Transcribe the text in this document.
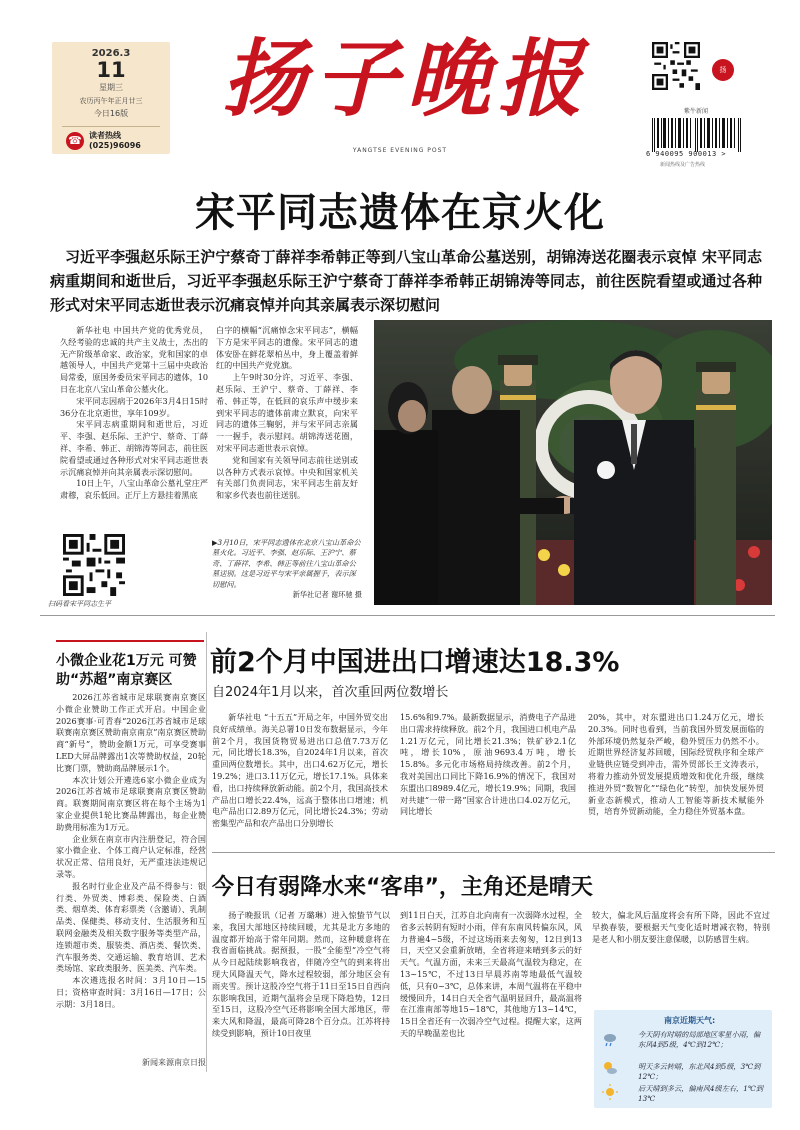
2026.3
11
星期三
农历丙午年正月廿三
今日16版
☎ 读者热线
(025)96096
扬子晚报
YANGTSE EVENING POST
扬
紫牛新闻
6 940095 900013 >
新闻热线及广告热线
宋平同志遗体在京火化
习近平李强赵乐际王沪宁蔡奇丁薛祥李希韩正等到八宝山革命公墓送别，胡锦涛送花圈表示哀悼 宋平同志病重期间和逝世后，习近平李强赵乐际王沪宁蔡奇丁薛祥李希韩正胡锦涛等同志，前往医院看望或通过各种形式对宋平同志逝世表示沉痛哀悼并向其亲属表示深切慰问

新华社电 中国共产党的优秀党员，久经考验的忠诚的共产主义战士，杰出的无产阶级革命家、政治家，党和国家的卓越领导人，中国共产党第十三届中央政治局常委，原国务委员宋平同志的遗体，10日在北京八宝山革命公墓火化。

宋平同志因病于2026年3月4日15时36分在北京逝世，享年109岁。

宋平同志病重期间和逝世后，习近平、李强、赵乐际、王沪宁、蔡奇、丁薛祥、李希、韩正、胡锦涛等同志，前往医院看望或通过各种形式对宋平同志逝世表示沉痛哀悼并向其亲属表示深切慰问。

10日上午，八宝山革命公墓礼堂庄严肃穆，哀乐低回。正厅上方悬挂着黑底

白字的横幅“沉痛悼念宋平同志”，横幅下方是宋平同志的遗像。宋平同志的遗体安卧在鲜花翠柏丛中，身上覆盖着鲜红的中国共产党党旗。

上午9时30分许，习近平、李强、赵乐际、王沪宁、蔡奇、丁薛祥、李希、韩正等，在低回的哀乐声中缓步来到宋平同志的遗体前肃立默哀，向宋平同志的遗体三鞠躬，并与宋平同志亲属一一握手，表示慰问。胡锦涛送花圈，对宋平同志逝世表示哀悼。

党和国家有关领导同志前往送别或以各种方式表示哀悼。中央和国家机关有关部门负责同志，宋平同志生前友好和家乡代表也前往送别。

▶3月10日，宋平同志遗体在北京八宝山革命公墓火化。习近平、李强、赵乐际、王沪宁、蔡奇、丁薛祥、李希、韩正等前往八宝山革命公墓送别。这是习近平与宋平亲属握手，表示深切慰问。
新华社记者 谢环驰 摄
扫码看宋平同志生平
小微企业花1万元 可赞助“苏超”南京赛区

2026江苏省城市足球联赛南京赛区小微企业赞助工作正式开启。中国企业2026赛事·可青春“2026江苏省城市足球联赛南京赛区赞助南京南京”南京赛区赞助商“新号”，赞助金额1万元，可享受赛事LED大屏品牌露出1次等赞助权益，20轮比赛门票，赞助商品牌展示1个。

本次计划公开遴选6家小微企业成为2026江苏省城市足球联赛南京赛区赞助商。联赛期间南京赛区将在每个主场为1家企业提供1轮比赛品牌露出，每企业赞助费用标准为1万元。

企业须在南京市内注册登记，符合国家小微企业、个体工商户认定标准，经营状况正常、信用良好，无严重违法违规记录等。

报名时行业企业及产品不得参与：银行类、外贸类、博彩类、保险类、白酒类、烟草类、体育彩票类（含邀请）、乳制品类、保健类、移动支付、生活服务和互联网金融类及相关数字服务等类型产品，连锁超市类、服装类、酒店类、餐饮类、汽车服务类、交通运输、教育培训、艺术类场馆、家政类服务、医美类、汽车类。

本次遴选报名时间：3月10日—15日；资格审查时间：3月16日—17日；公示期：3月18日。

新闻来源南京日报
前2个月中国进出口增速达18.3%
自2024年1月以来，首次重回两位数增长

新华社电 “十五五”开局之年，中国外贸交出良好成绩单。海关总署10日发布数据显示，今年前2个月，我国货物贸易进出口总值7.73万亿元，同比增长18.3%，自2024年1月以来，首次重回两位数增长。其中，出口4.62万亿元，增长19.2%；进口3.11万亿元，增长17.1%。具体来看，出口持续释放新动能。前2个月，我国高技术产品出口增长22.4%，远高于整体出口增速；机电产品出口2.89万亿元，同比增长24.3%；劳动密集型产品和农产品出口分别增长

15.6%和9.7%。最新数据显示，消费电子产品进出口需求持续释放。前2个月，我国进口机电产品1.21万亿元，同比增长21.3%；铁矿砂2.1亿吨，增长10%，原油9693.4万吨，增长15.8%。多元化市场格局持续改善。前2个月，我对美国出口同比下降16.9%的情况下，我国对东盟出口8989.4亿元，增长19.9%；同期，我国对共建“一带一路”国家合计进出口4.02万亿元，同比增长

20%，其中，对东盟进出口1.24万亿元，增长20.3%。同时也看到，当前我国外贸发展面临的外部环境仍然复杂严峻，稳外贸压力仍然不小。近期世界经济复苏回暖，国际经贸秩序和全球产业链供应链受到冲击，需外贸部长王文涛表示，将着力推动外贸发展提质增效和优化升级，继续推进外贸“数智化”“绿色化”转型，加快发展外贸新业态新模式，推动人工智能等新技术赋能外贸，培育外贸新动能，全力稳住外贸基本盘。

今日有弱降水来“客串”，主角还是晴天

扬子晚报讯（记者 万璐琳）进入惊蛰节气以来，我国大部地区持续回暖，尤其是北方多地的温度都开始高于常年同期。然而，这种暖意将在我省面临挑战。据预报，一股“全能型”冷空气将从今日起陆续影响我省，伴随冷空气的到来将出现大风降温天气，降水过程较弱，部分地区会有雨夹雪。预计这股冷空气将于11日至15日自西向东影响我国，近期气温将会呈现下降趋势，12日至15日，这股冷空气还将影响全国大部地区，带来大风和降温，最高可降28个百分点。江苏将持续受到影响，预计10日夜里

到11日白天，江苏自北向南有一次弱降水过程，全省多云转阴有短时小雨，伴有东南风转偏东风，风力普遍4~5级，不过这场雨来去匆匆，12日到13日，天空又会重新放晴，全省将迎来晴到多云的好天气。气温方面，未来三天最高气温较为稳定，在13~15℃，不过13日早晨苏南等地最低气温较低，只有0~3℃，总体来讲，本周气温将在平稳中缓慢回升，14日白天全省气温明显回升，最高温将在江淮南部等地15~18℃，其他地方13~14℃，15日全省还有一次弱冷空气过程。提醒大家，这两天的早晚温差也比

较大，偏北风后温度将会有所下降，因此不宜过早换春装，要根据天气变化适时增减衣物，特别是老人和小朋友要注意保暖，以防感冒生病。

南京近期天气:
今天阴有时晴的局部地区零星小雨，偏东风4到5级，4℃到12℃；
明天多云转晴，东北风4到5级，3℃到12℃；
后天晴到多云，偏南风4级左右，1℃到13℃
